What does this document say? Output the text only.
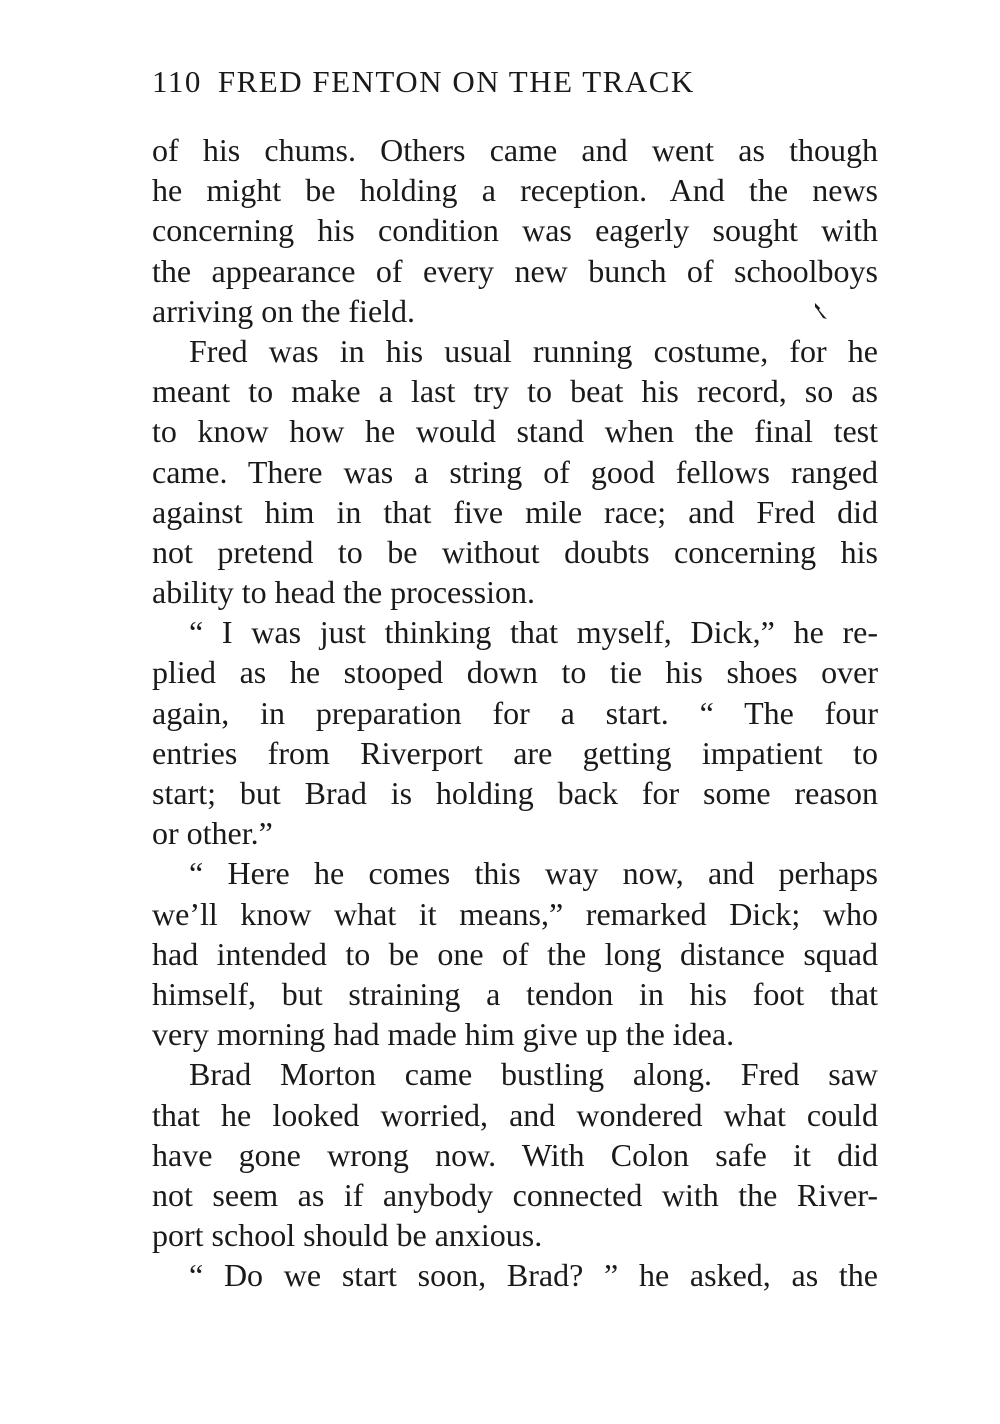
110 FRED FENTON ON THE TRACK
of his chums. Others came and went as though
he might be holding a reception. And the news
concerning his condition was eagerly sought with
the appearance of every new bunch of schoolboys
arriving on the field.
Fred was in his usual running costume, for he
meant to make a last try to beat his record, so as
to know how he would stand when the final test
came. There was a string of good fellows ranged
against him in that five mile race; and Fred did
not pretend to be without doubts concerning his
ability to head the procession.
“ I was just thinking that myself, Dick,” he re-
plied as he stooped down to tie his shoes over
again, in preparation for a start. “ The four
entries from Riverport are getting impatient to
start; but Brad is holding back for some reason
or other.”
“ Here he comes this way now, and perhaps
we’ll know what it means,” remarked Dick; who
had intended to be one of the long distance squad
himself, but straining a tendon in his foot that
very morning had made him give up the idea.
Brad Morton came bustling along. Fred saw
that he looked worried, and wondered what could
have gone wrong now. With Colon safe it did
not seem as if anybody connected with the River-
port school should be anxious.
“ Do we start soon, Brad? ” he asked, as the
